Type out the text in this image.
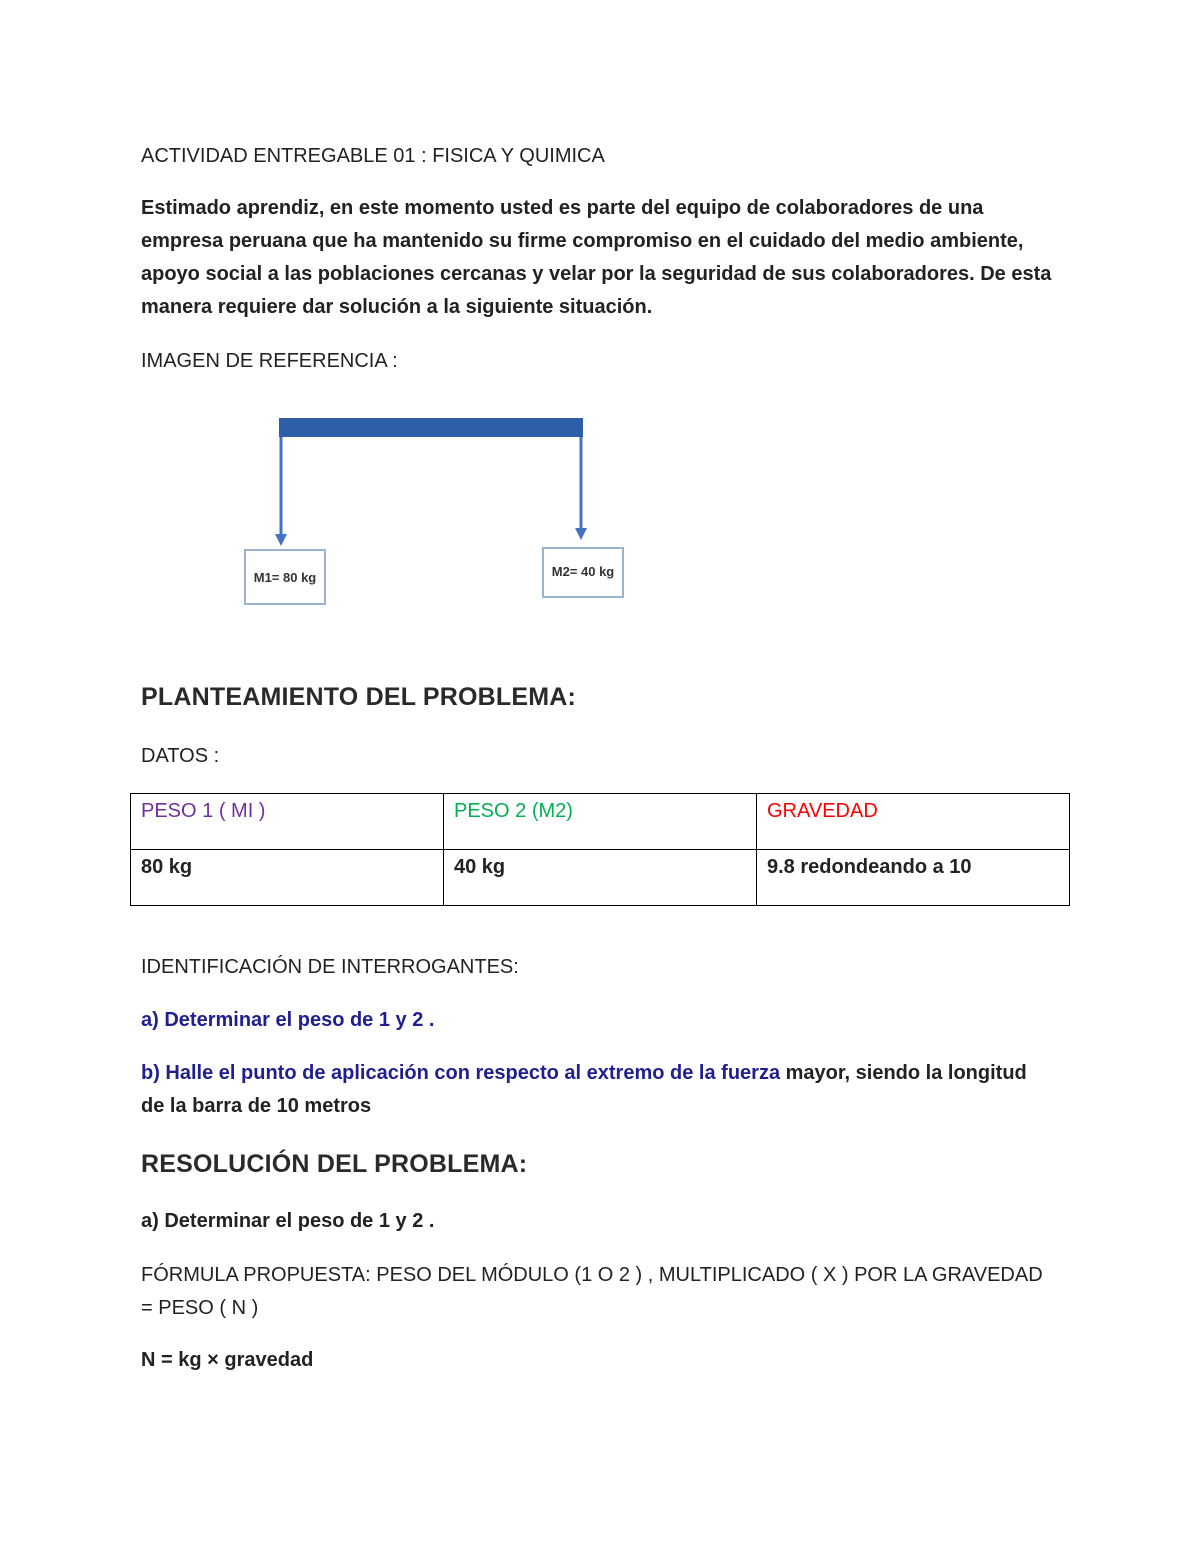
ACTIVIDAD ENTREGABLE 01 : FISICA Y QUIMICA

Estimado aprendiz, en este momento usted es parte del equipo de colaboradores de una
empresa peruana que ha mantenido su firme compromiso en el cuidado del medio ambiente,
apoyo social a las poblaciones cercanas y velar por la seguridad de sus colaboradores. De esta
manera requiere dar solución a la siguiente situación.

IMAGEN DE REFERENCIA :

M1= 80 kg	M2= 40 kg
PLANTEAMIENTO DEL PROBLEMA:

DATOS :

PESO 1 ( MI )	PESO 2 (M2)	GRAVEDAD
80 kg	40 kg	9.8 redondeando a 10

IDENTIFICACIÓN DE INTERROGANTES:

a) Determinar el peso de 1 y 2 .

b) Halle el punto de aplicación con respecto al extremo de la fuerza mayor, siendo la longitud
de la barra de 10 metros
RESOLUCIÓN DEL PROBLEMA:

a) Determinar el peso de 1 y 2 .

FÓRMULA PROPUESTA: PESO DEL MÓDULO (1 O 2 ) , MULTIPLICADO ( X ) POR LA GRAVEDAD
= PESO ( N )

N = kg × gravedad
